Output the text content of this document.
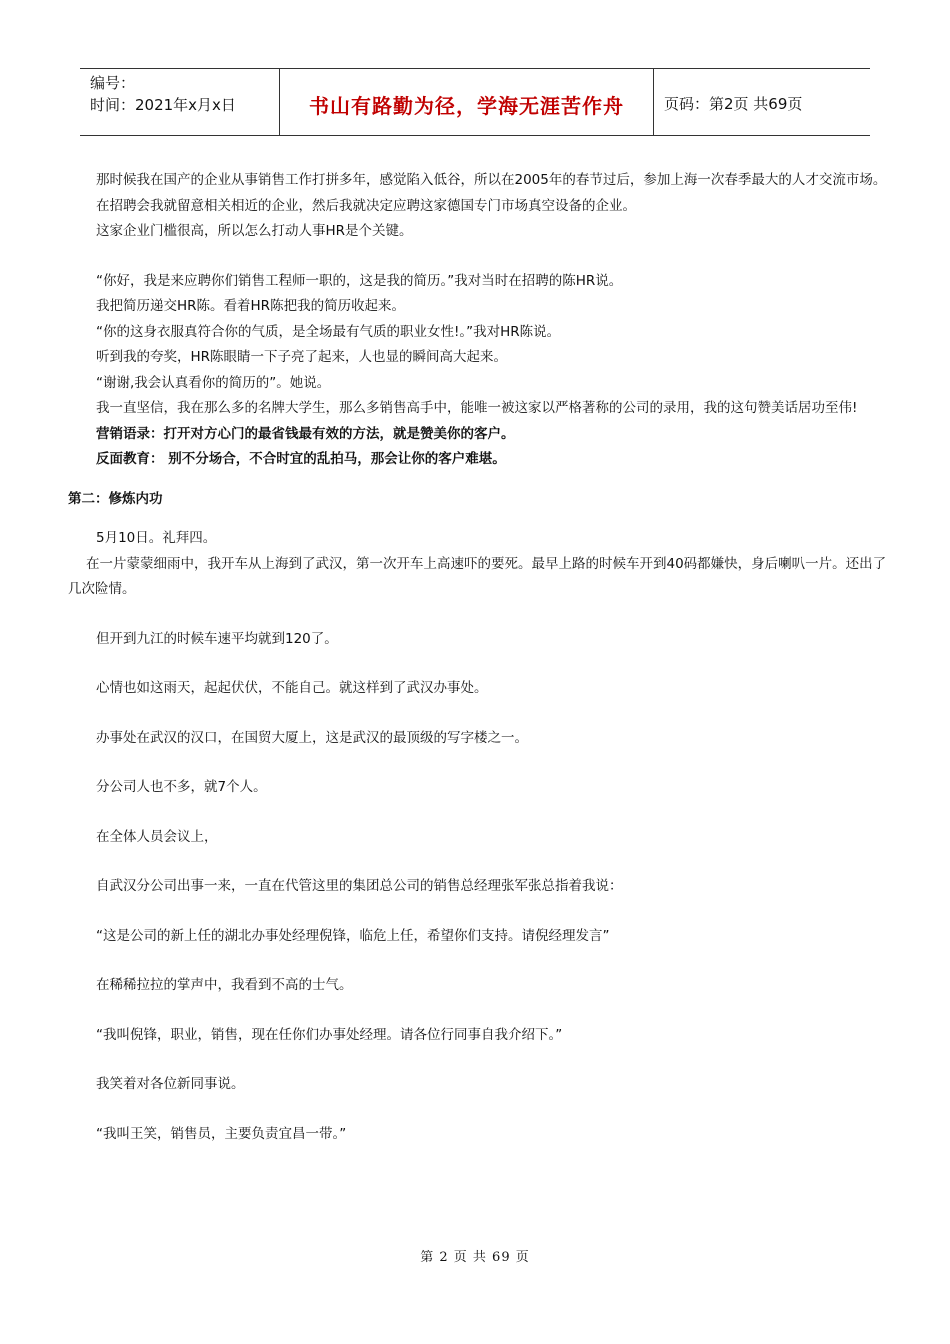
编号：
时间：2021年x月x日	书山有路勤为径，学海无涯苦作舟	页码：第2页 共69页

那时候我在国产的企业从事销售工作打拼多年，感觉陷入低谷，所以在2005年的春节过后，参加上海一次春季最大的人才交流市场。

在招聘会我就留意相关相近的企业，然后我就决定应聘这家德国专门市场真空设备的企业。

这家企业门槛很高，所以怎么打动人事HR是个关键。

“你好，我是来应聘你们销售工程师一职的，这是我的简历。”我对当时在招聘的陈HR说。

我把简历递交HR陈。看着HR陈把我的简历收起来。

“你的这身衣服真符合你的气质，是全场最有气质的职业女性!。”我对HR陈说。

听到我的夸奖，HR陈眼睛一下子亮了起来，人也显的瞬间高大起来。

“谢谢,我会认真看你的简历的”。她说。

我一直坚信，我在那么多的名牌大学生，那么多销售高手中，能唯一被这家以严格著称的公司的录用，我的这句赞美话居功至伟!

营销语录：打开对方心门的最省钱最有效的方法，就是赞美你的客户。

反面教育： 别不分场合，不合时宜的乱拍马，那会让你的客户难堪。

第二：修炼内功

5月10日。礼拜四。

在一片蒙蒙细雨中，我开车从上海到了武汉，第一次开车上高速吓的要死。最早上路的时候车开到40码都嫌快，身后喇叭一片。还出了几次险情。

但开到九江的时候车速平均就到120了。

心情也如这雨天，起起伏伏，不能自己。就这样到了武汉办事处。

办事处在武汉的汉口，在国贸大厦上，这是武汉的最顶级的写字楼之一。

分公司人也不多，就7个人。

在全体人员会议上，

自武汉分公司出事一来，一直在代管这里的集团总公司的销售总经理张军张总指着我说：

“这是公司的新上任的湖北办事处经理倪锋，临危上任，希望你们支持。请倪经理发言”

在稀稀拉拉的掌声中，我看到不高的士气。

“我叫倪锋，职业，销售，现在任你们办事处经理。请各位行同事自我介绍下。”

我笑着对各位新同事说。

“我叫王笑，销售员，主要负责宜昌一带。”

第 2 页 共 69 页
